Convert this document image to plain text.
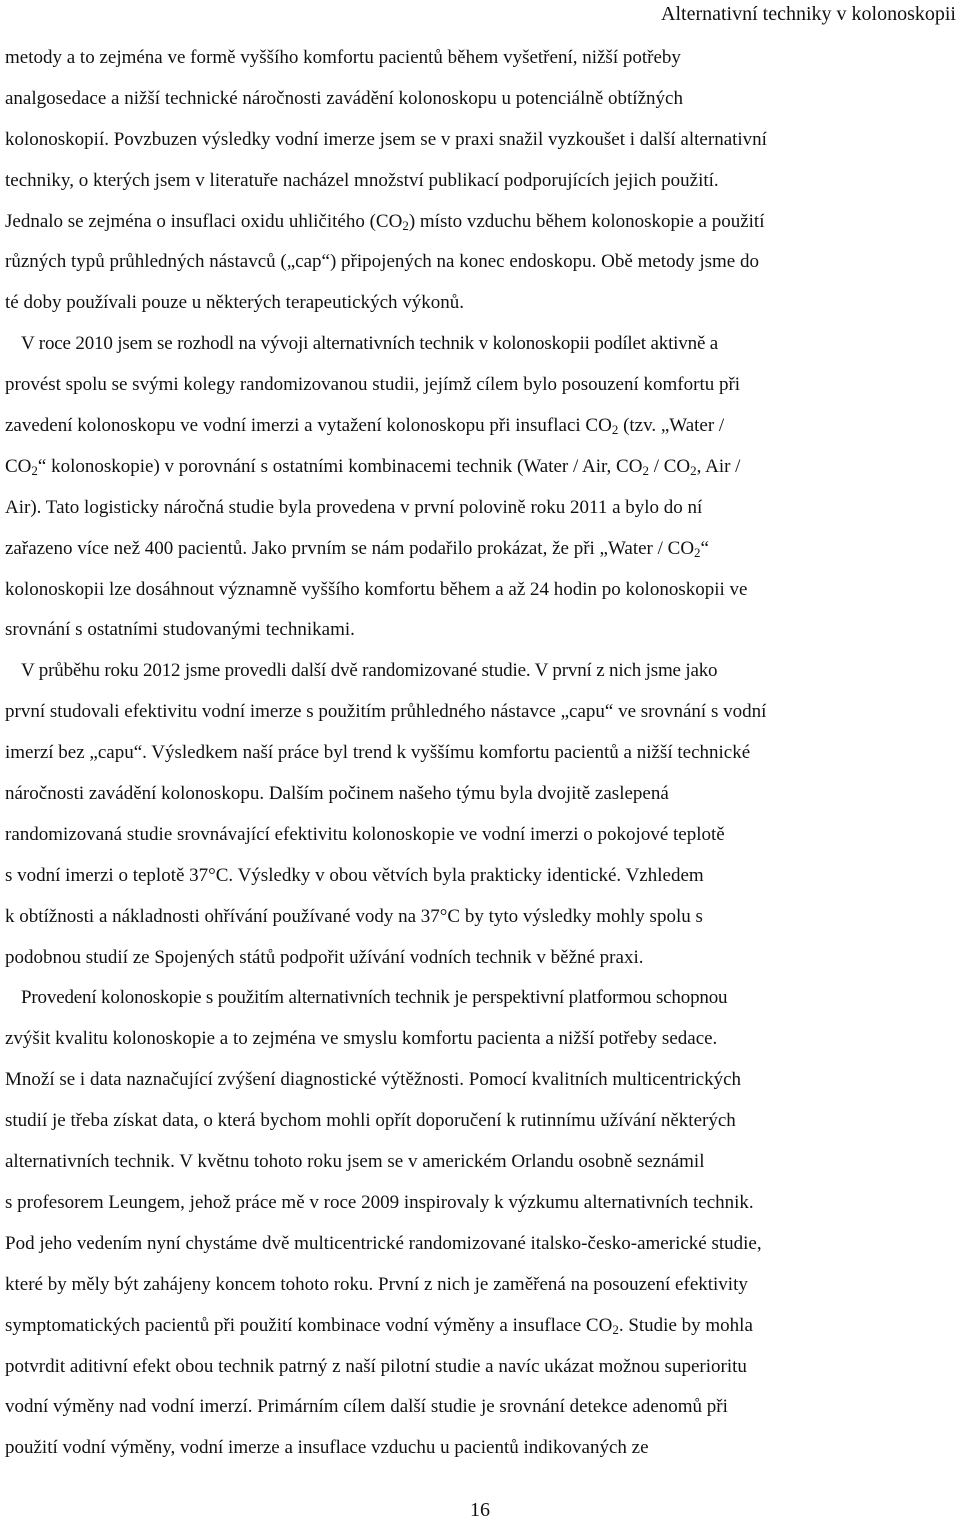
Alternativní techniky v kolonoskopii
metody a to zejména ve formě vyššího komfortu pacientů během vyšetření, nižší potřeby
analgosedace a nižší technické náročnosti zavádění kolonoskopu u potenciálně obtížných
kolonoskopií. Povzbuzen výsledky vodní imerze jsem se v praxi snažil vyzkoušet i další alternativní
techniky, o kterých jsem v literatuře nacházel množství publikací podporujících jejich použití.
Jednalo se zejména o insuflaci oxidu uhličitého $(CO_2)$ místo vzduchu během kolonoskopie a použití
různých typů průhledných nástavců („cap“) připojených na konec endoskopu. Obě metody jsme do
té doby používali pouze u některých terapeutických výkonů.
V roce 2010 jsem se rozhodl na vývoji alternativních technik v kolonoskopii podílet aktivně a
provést spolu se svými kolegy randomizovanou studii, jejímž cílem bylo posouzení komfortu při
zavedení kolonoskopu ve vodní imerzi a vytažení kolonoskopu při insuflaci $CO_2$ (tzv. „Water /
$CO_2“$ kolonoskopie) v porovnání s ostatními kombinacemi technik (Water / Air, $CO_2 / CO_2$, Air /
Air). Tato logisticky náročná studie byla provedena v první polovině roku 2011 a bylo do ní
zařazeno více než 400 pacientů. Jako prvním se nám podařilo prokázat, že při „Water / $CO_2“$
kolonoskopii lze dosáhnout významně vyššího komfortu během a až 24 hodin po kolonoskopii ve
srovnání s ostatními studovanými technikami.
V průběhu roku 2012 jsme provedli další dvě randomizované studie. V první z nich jsme jako
první studovali efektivitu vodní imerze s použitím průhledného nástavce „capu“ ve srovnání s vodní
imerzí bez „capu“. Výsledkem naší práce byl trend k vyššímu komfortu pacientů a nižší technické
náročnosti zavádění kolonoskopu. Dalším počinem našeho týmu byla dvojitě zaslepená
randomizovaná studie srovnávající efektivitu kolonoskopie ve vodní imerzi o pokojové teplotě
s vodní imerzi o teplotě 37°C. Výsledky v obou větvích byla prakticky identické. Vzhledem
k obtížnosti a nákladnosti ohřívání používané vody na 37°C by tyto výsledky mohly spolu s
podobnou studií ze Spojených států podpořit užívání vodních technik v běžné praxi.
Provedení kolonoskopie s použitím alternativních technik je perspektivní platformou schopnou
zvýšit kvalitu kolonoskopie a to zejména ve smyslu komfortu pacienta a nižší potřeby sedace.
Množí se i data naznačující zvýšení diagnostické výtěžnosti. Pomocí kvalitních multicentrických
studií je třeba získat data, o která bychom mohli opřít doporučení k rutinnímu užívání některých
alternativních technik. V květnu tohoto roku jsem se v americkém Orlandu osobně seznámil
s profesorem Leungem, jehož práce mě v roce 2009 inspirovaly k výzkumu alternativních technik.
Pod jeho vedením nyní chystáme dvě multicentrické randomizované italsko-česko-americké studie,
které by měly být zahájeny koncem tohoto roku. První z nich je zaměřená na posouzení efektivity
symptomatických pacientů při použití kombinace vodní výměny a insuflace $CO_2$. Studie by mohla
potvrdit aditivní efekt obou technik patrný z naší pilotní studie a navíc ukázat možnou superioritu
vodní výměny nad vodní imerzí. Primárním cílem další studie je srovnání detekce adenomů při
použití vodní výměny, vodní imerze a insuflace vzduchu u pacientů indikovaných ze
16
